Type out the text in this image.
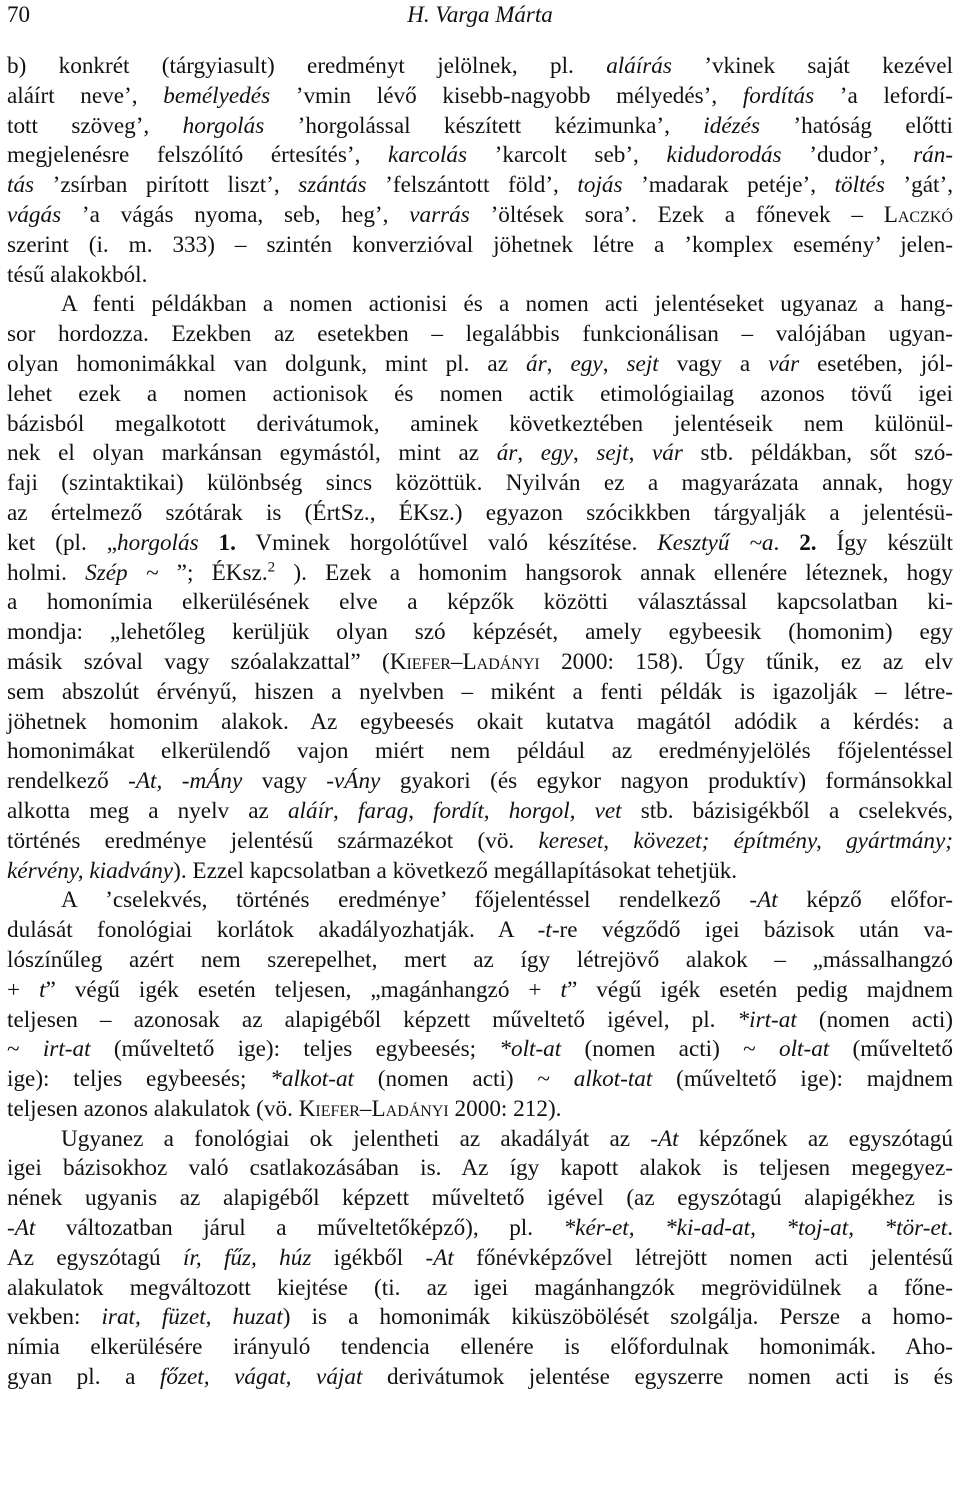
70	H. Varga Márta
b) konkrét (tárgyiasult) eredményt jelölnek, pl. aláírás ’vkinek saját kezével
aláírt neve’, bemélyedés ’vmin lévő kisebb-nagyobb mélyedés’, fordítás ’a lefordí-
tott szöveg’, horgolás ’horgolással készített kézimunka’, idézés ’hatóság előtti
megjelenésre felszólító értesítés’, karcolás ’karcolt seb’, kidudorodás ’dudor’, rán-
tás ’zsírban pirított liszt’, szántás ’felszántott föld’, tojás ’madarak petéje’, töltés ’gát’,
vágás ’a vágás nyoma, seb, heg’, varrás ’öltések sora’. Ezek a főnevek – Laczkó
szerint (i. m. 333) – szintén konverzióval jöhetnek létre a ’komplex esemény’ jelen-
tésű alakokból.
A fenti példákban a nomen actionisi és a nomen acti jelentéseket ugyanaz a hang-
sor hordozza. Ezekben az esetekben – legalábbis funkcionálisan – valójában ugyan-
olyan homonimákkal van dolgunk, mint pl. az ár, egy, sejt vagy a vár esetében, jól-
lehet ezek a nomen actionisok és nomen actik etimológiailag azonos tövű igei
bázisból megalkotott derivátumok, aminek következtében jelentéseik nem különül-
nek el olyan markánsan egymástól, mint az ár, egy, sejt, vár stb. példákban, sőt szó-
faji (szintaktikai) különbség sincs közöttük. Nyilván ez a magyarázata annak, hogy
az értelmező szótárak is (ÉrtSz., ÉKsz.) egyazon szócikkben tárgyalják a jelentésü-
ket (pl. „horgolás 1. Vminek horgolótűvel való készítése. Kesztyű ~a. 2. Így készült
holmi. Szép ~ ”; ÉKsz.$^2$ ). Ezek a homonim hangsorok annak ellenére léteznek, hogy
a homonímia elkerülésének elve a képzők közötti választással kapcsolatban ki-
mondja: „lehetőleg kerüljük olyan szó képzését, amely egybeesik (homonim) egy
másik szóval vagy szóalakzattal” (Kiefer–Ladányi 2000: 158). Úgy tűnik, ez az elv
sem abszolút érvényű, hiszen a nyelvben – miként a fenti példák is igazolják – létre-
jöhetnek homonim alakok. Az egybeesés okait kutatva magától adódik a kérdés: a
homonimákat elkerülendő vajon miért nem például az eredményjelölés főjelentéssel
rendelkező -At, -mÁny vagy -vÁny gyakori (és egykor nagyon produktív) formánsokkal
alkotta meg a nyelv az aláír, farag, fordít, horgol, vet stb. bázisigékből a cselekvés,
történés eredménye jelentésű származékot (vö. kereset, kövezet; építmény, gyártmány;
kérvény, kiadvány). Ezzel kapcsolatban a következő megállapításokat tehetjük.
A ’cselekvés, történés eredménye’ főjelentéssel rendelkező -At képző előfor-
dulását fonológiai korlátok akadályozhatják. A -t-re végződő igei bázisok után va-
lószínűleg azért nem szerepelhet, mert az így létrejövő alakok – „mássalhangzó
+ t” végű igék esetén teljesen, „magánhangzó + t” végű igék esetén pedig majdnem
teljesen – azonosak az alapigéből képzett műveltető igével, pl. *irt-at (nomen acti)
~ irt-at (műveltető ige): teljes egybeesés; *olt-at (nomen acti) ~ olt-at (műveltető
ige): teljes egybeesés; *alkot-at (nomen acti) ~ alkot-tat (műveltető ige): majdnem
teljesen azonos alakulatok (vö. Kiefer–Ladányi 2000: 212).
Ugyanez a fonológiai ok jelentheti az akadályát az -At képzőnek az egyszótagú
igei bázisokhoz való csatlakozásában is. Az így kapott alakok is teljesen megegyez-
nének ugyanis az alapigéből képzett műveltető igével (az egyszótagú alapigékhez is
-At változatban járul a műveltetőképző), pl. *kér-et, *ki-ad-at, *toj-at, *tör-et.
Az egyszótagú ír, fűz, húz igékből -At főnévképzővel létrejött nomen acti jelentésű
alakulatok megváltozott kiejtése (ti. az igei magánhangzók megrövidülnek a főne-
vekben: irat, füzet, huzat) is a homonimák kiküszöbölését szolgálja. Persze a homo-
nímia elkerülésére irányuló tendencia ellenére is előfordulnak homonimák. Aho-
gyan pl. a főzet, vágat, vájat derivátumok jelentése egyszerre nomen acti is és
